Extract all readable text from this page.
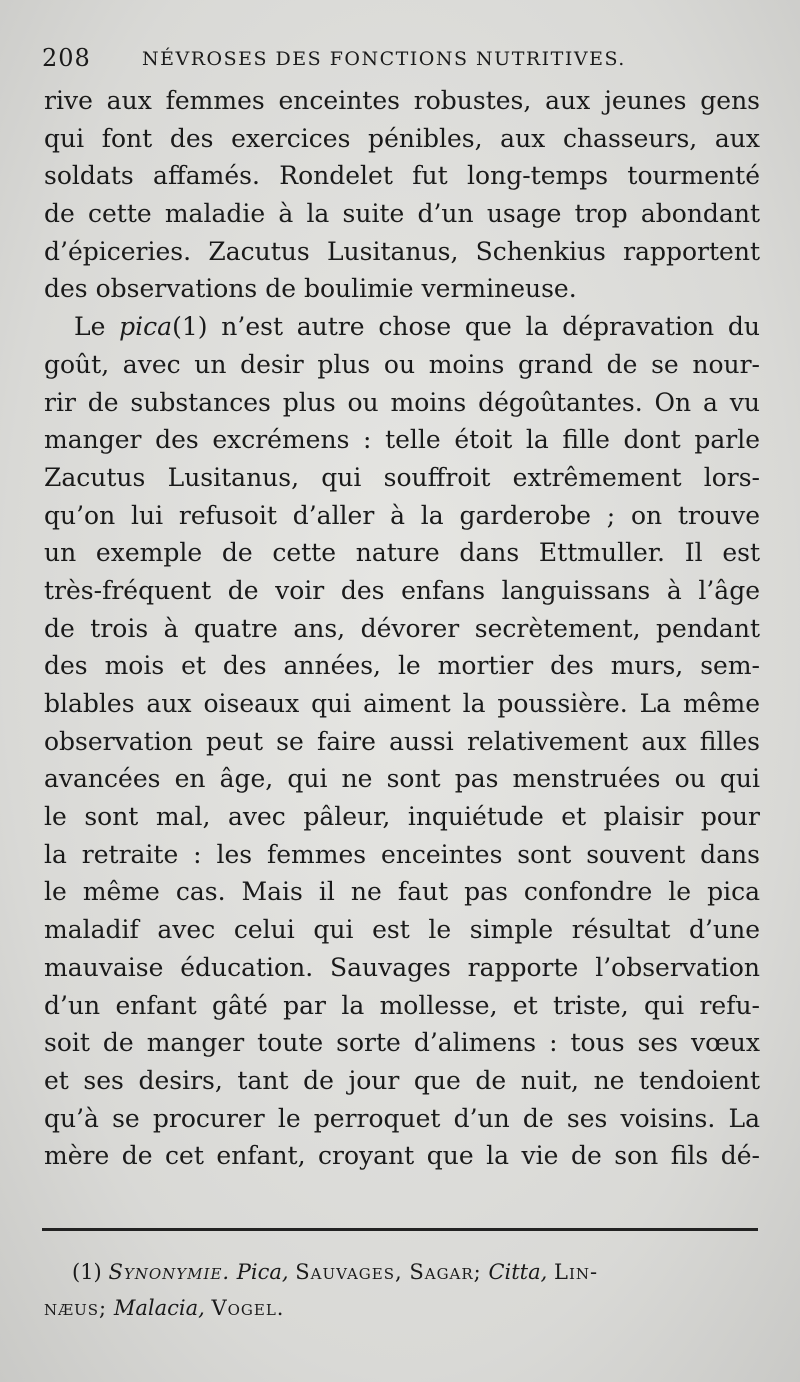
208	NÉVROSES DES FONCTIONS NUTRITIVES.
rive aux femmes enceintes robustes, aux jeunes gens
qui font des exercices pénibles, aux chasseurs, aux
soldats affamés. Rondelet fut long-temps tourmenté
de cette maladie à la suite d’un usage trop abondant
d’épiceries. Zacutus Lusitanus, Schenkius rapportent
des observations de boulimie vermineuse.
Le pica(1) n’est autre chose que la dépravation du
goût, avec un desir plus ou moins grand de se nour-
rir de substances plus ou moins dégoûtantes. On a vu
manger des excrémens : telle étoit la fille dont parle
Zacutus Lusitanus, qui souffroit extrêmement lors-
qu’on lui refusoit d’aller à la garderobe ; on trouve
un exemple de cette nature dans Ettmuller. Il est
très-fréquent de voir des enfans languissans à l’âge
de trois à quatre ans, dévorer secrètement, pendant
des mois et des années, le mortier des murs, sem-
blables aux oiseaux qui aiment la poussière. La même
observation peut se faire aussi relativement aux filles
avancées en âge, qui ne sont pas menstruées ou qui
le sont mal, avec pâleur, inquiétude et plaisir pour
la retraite : les femmes enceintes sont souvent dans
le même cas. Mais il ne faut pas confondre le pica
maladif avec celui qui est le simple résultat d’une
mauvaise éducation. Sauvages rapporte l’observation
d’un enfant gâté par la mollesse, et triste, qui refu-
soit de manger toute sorte d’alimens : tous ses vœux
et ses desirs, tant de jour que de nuit, ne tendoient
qu’à se procurer le perroquet d’un de ses voisins. La
mère de cet enfant, croyant que la vie de son fils dé-
(1) Synonymie. Pica, Sauvages, Sagar; Citta, Lin-
næus; Malacia, Vogel.
